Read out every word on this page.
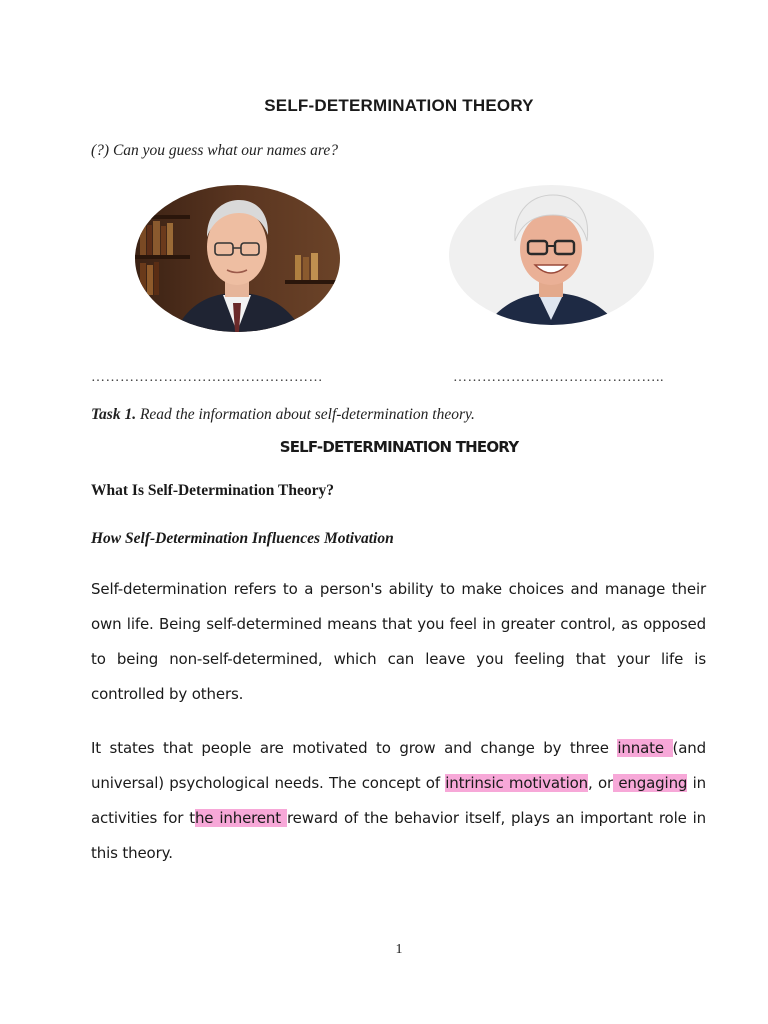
SELF-DETERMINATION THEORY
(?) Can you guess what our names are?
…………………………………………	……………………………………..
Task 1. Read the information about self-determination theory.
SELF-DETERMINATION THEORY
What Is Self-Determination Theory?
How Self-Determination Influences Motivation
Self-determination refers to a person's ability to make choices and manage their own life. Being self-determined means that you feel in greater control, as opposed to being non-self-determined, which can leave you feeling that your life is controlled by others.
It states that people are motivated to grow and change by three innate (and universal) psychological needs. The concept of intrinsic motivation, or engaging in activities for the inherent reward of the behavior itself, plays an important role in this theory.
1
